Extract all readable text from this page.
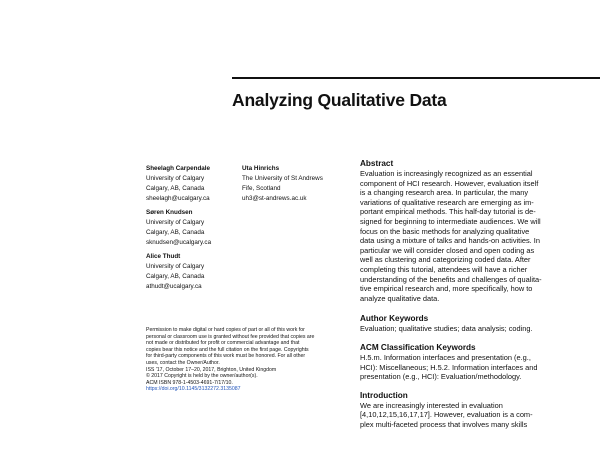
Analyzing Qualitative Data
Sheelagh Carpendale
University of Calgary
Calgary, AB, Canada
sheelagh@ucalgary.ca
Uta Hinrichs
The University of St Andrews
Fife, Scotland
uh3@st-andrews.ac.uk
Søren Knudsen
University of Calgary
Calgary, AB, Canada
sknudsen@ucalgary.ca
Alice Thudt
University of Calgary
Calgary, AB, Canada
athudt@ucalgary.ca
Permission to make digital or hard copies of part or all of this work for
personal or classroom use is granted without fee provided that copies are
not made or distributed for profit or commercial advantage and that
copies bear this notice and the full citation on the first page. Copyrights
for third-party components of this work must be honored. For all other
uses, contact the Owner/Author.
ISS '17, October 17–20, 2017, Brighton, United Kingdom
© 2017 Copyright is held by the owner/author(s).
ACM ISBN 978-1-4503-4691-7/17/10.
https://doi.org/10.1145/3132272.3135087
Abstract
Evaluation is increasingly recognized as an essential
component of HCI research. However, evaluation itself
is a changing research area. In particular, the many
variations of qualitative research are emerging as im-
portant empirical methods. This half-day tutorial is de-
signed for beginning to intermediate audiences. We will
focus on the basic methods for analyzing qualitative
data using a mixture of talks and hands-on activities. In
particular we will consider closed and open coding as
well as clustering and categorizing coded data. After
completing this tutorial, attendees will have a richer
understanding of the benefits and challenges of qualita-
tive empirical research and, more specifically, how to
analyze qualitative data.
Author Keywords
Evaluation; qualitative studies; data analysis; coding.
ACM Classification Keywords
H.5.m. Information interfaces and presentation (e.g.,
HCI): Miscellaneous; H.5.2. Information interfaces and
presentation (e.g., HCI): Evaluation/methodology.
Introduction
We are increasingly interested in evaluation
[4,10,12,15,16,17,17]. However, evaluation is a com-
plex multi-faceted process that involves many skills
